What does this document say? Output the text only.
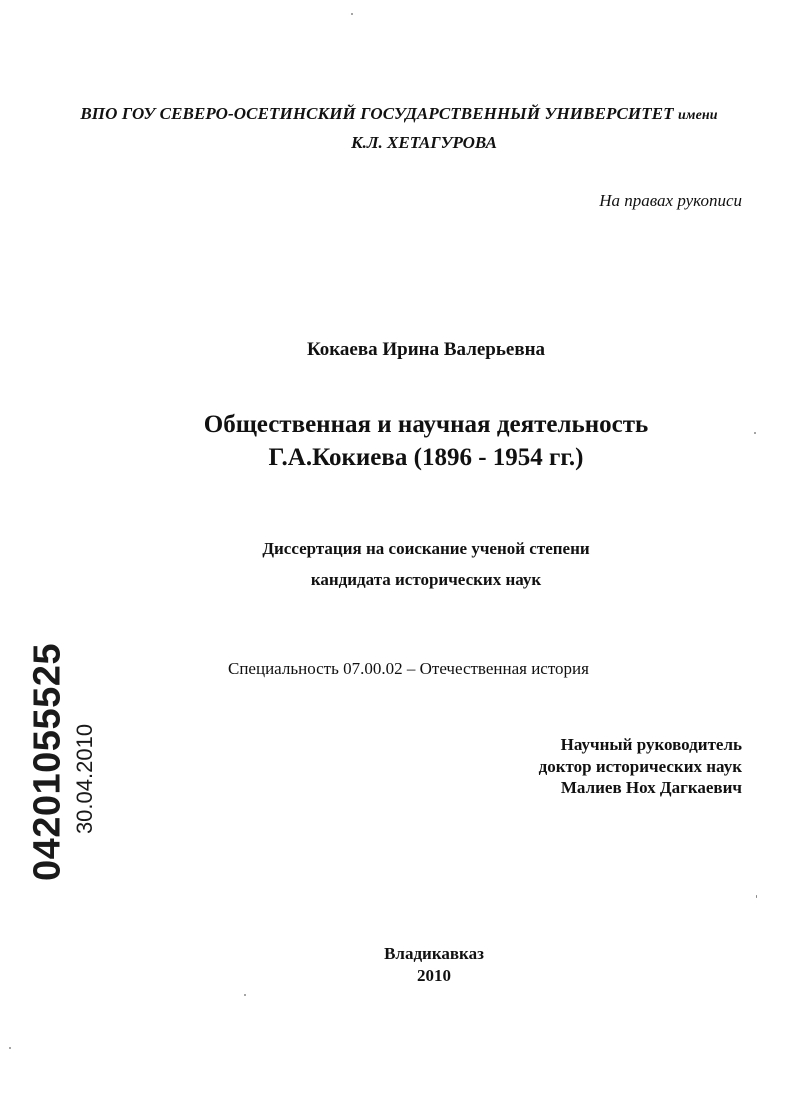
ВПО ГОУ СЕВЕРО-ОСЕТИНСКИЙ ГОСУДАРСТВЕННЫЙ УНИВЕРСИТЕТ имени
К.Л. ХЕТАГУРОВА
На правах рукописи
Кокаева Ирина Валерьевна
Общественная и научная деятельность
Г.А.Кокиева (1896 - 1954 гг.)
Диссертация на соискание ученой степени
кандидата исторических наук
Специальность 07.00.02 – Отечественная история
Научный руководитель
доктор исторических наук
Малиев Нох Дагкаевич
Владикавказ
2010
04201055525 30.04.2010
